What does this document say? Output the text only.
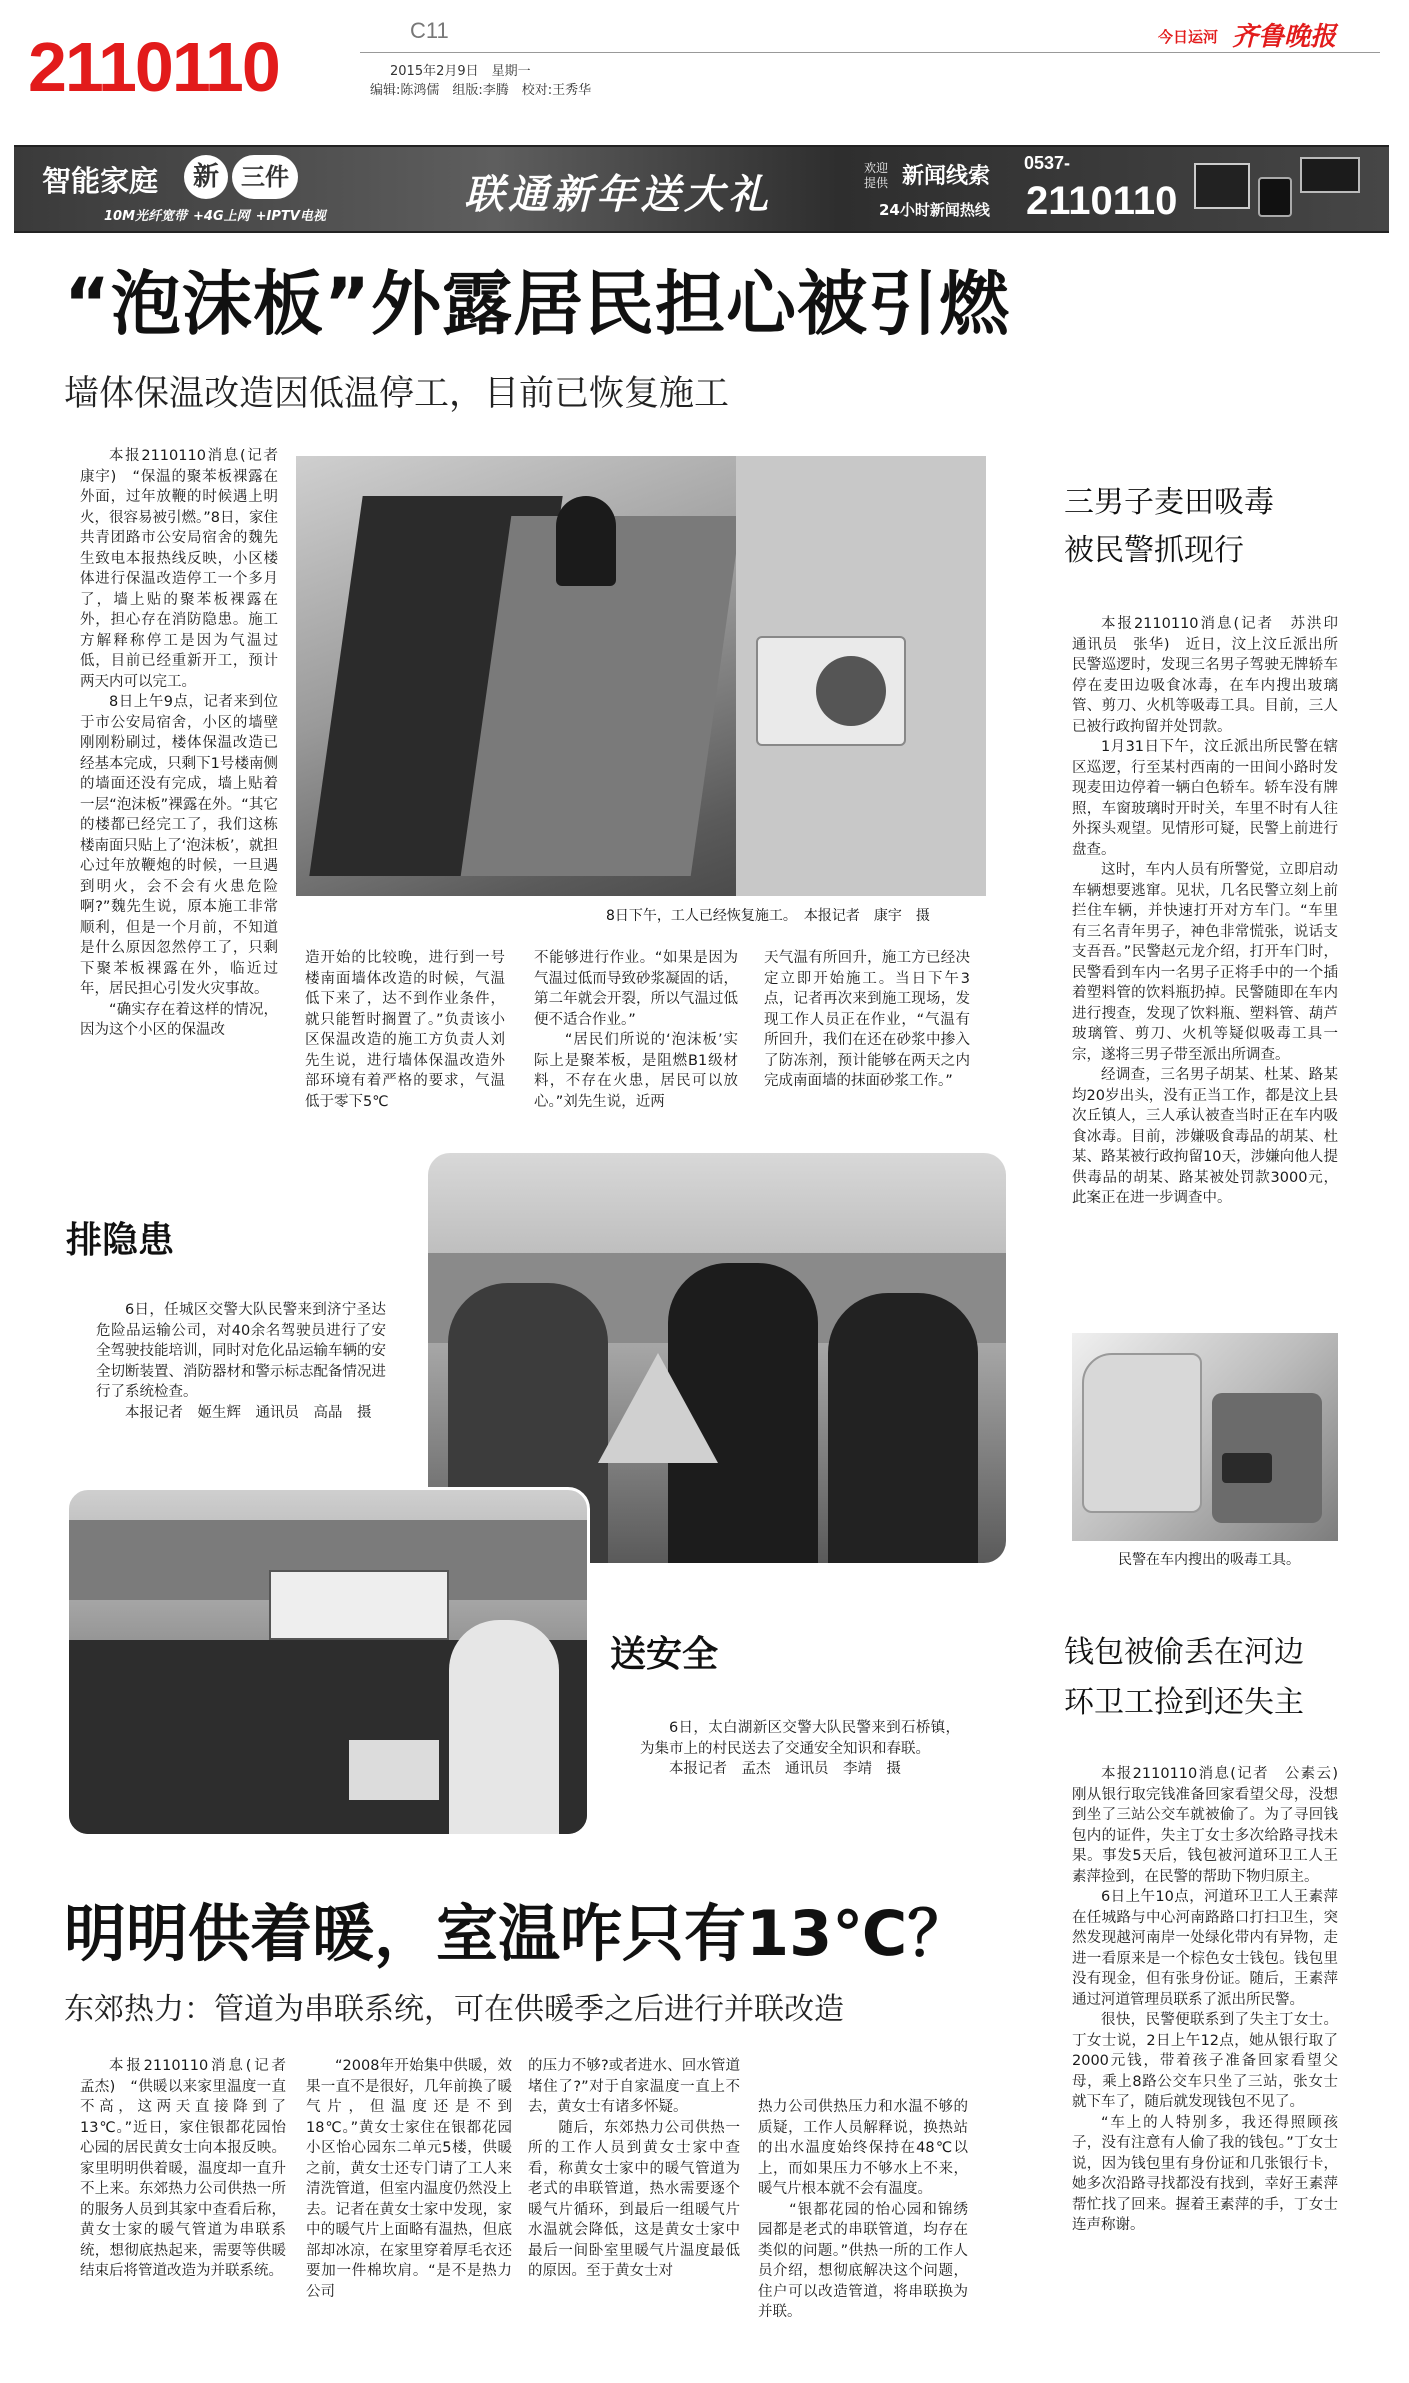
2110110	C11
2015年2月9日　星期一
编辑:陈鸿儒　组版:李腾　校对:王秀华
今日运河 齐鲁晚报
智能家庭	新 三件
10M光纤宽带 +4G上网 +IPTV电视	联通新年送大礼
欢迎提供 新闻线索
0537-
24小时新闻热线 2110110
“泡沫板”外露居民担心被引燃
墙体保温改造因低温停工，目前已恢复施工

本报2110110消息(记者　康宇)　“保温的聚苯板裸露在外面，过年放鞭的时候遇上明火，很容易被引燃。”8日，家住共青团路市公安局宿舍的魏先生致电本报热线反映，小区楼体进行保温改造停工一个多月了，墙上贴的聚苯板裸露在外，担心存在消防隐患。施工方解释称停工是因为气温过低，目前已经重新开工，预计两天内可以完工。

8日上午9点，记者来到位于市公安局宿舍，小区的墙壁刚刚粉刷过，楼体保温改造已经基本完成，只剩下1号楼南侧的墙面还没有完成，墙上贴着一层“泡沫板”裸露在外。“其它的楼都已经完工了，我们这栋楼南面只贴上了‘泡沫板’，就担心过年放鞭炮的时候，一旦遇到明火，会不会有火患危险啊?”魏先生说，原本施工非常顺利，但是一个月前，不知道是什么原因忽然停工了，只剩下聚苯板裸露在外，临近过年，居民担心引发火灾事故。

“确实存在着这样的情况，因为这个小区的保温改

8日下午，工人已经恢复施工。　本报记者　康宇　摄
造开始的比较晚，进行到一号楼南面墙体改造的时候，气温低下来了，达不到作业条件，就只能暂时搁置了。”负责该小区保温改造的施工方负责人刘先生说，进行墙体保温改造外部环境有着严格的要求，气温低于零下5℃
不能够进行作业。“如果是因为气温过低而导致砂浆凝固的话，第二年就会开裂，所以气温过低便不适合作业。”
　　“居民们所说的‘泡沫板’实际上是聚苯板，是阻燃B1级材料，不存在火患，居民可以放心。”刘先生说，近两
天气温有所回升，施工方已经决定立即开始施工。当日下午3点，记者再次来到施工现场，发现工作人员正在作业，“气温有所回升，我们在还在砂浆中掺入了防冻剂，预计能够在两天之内完成南面墙的抹面砂浆工作。”
三男子麦田吸毒
被民警抓现行

本报2110110消息(记者　苏洪印　通讯员　张华)　近日，汶上汶丘派出所民警巡逻时，发现三名男子驾驶无牌轿车停在麦田边吸食冰毒，在车内搜出玻璃管、剪刀、火机等吸毒工具。目前，三人已被行政拘留并处罚款。

1月31日下午，汶丘派出所民警在辖区巡逻，行至某村西南的一田间小路时发现麦田边停着一辆白色轿车。轿车没有牌照，车窗玻璃时开时关，车里不时有人往外探头观望。见情形可疑，民警上前进行盘查。

这时，车内人员有所警觉，立即启动车辆想要逃窜。见状，几名民警立刻上前拦住车辆，并快速打开对方车门。“车里有三名青年男子，神色非常慌张，说话支支吾吾。”民警赵元龙介绍，打开车门时，民警看到车内一名男子正将手中的一个插着塑料管的饮料瓶扔掉。民警随即在车内进行搜查，发现了饮料瓶、塑料管、葫芦玻璃管、剪刀、火机等疑似吸毒工具一宗，遂将三男子带至派出所调查。

经调查，三名男子胡某、杜某、路某均20岁出头，没有正当工作，都是汶上县次丘镇人，三人承认被查当时正在车内吸食冰毒。目前，涉嫌吸食毒品的胡某、杜某、路某被行政拘留10天，涉嫌向他人提供毒品的胡某、路某被处罚款3000元，此案正在进一步调查中。

民警在车内搜出的吸毒工具。
排隐患

6日，任城区交警大队民警来到济宁圣达危险品运输公司，对40余名驾驶员进行了安全驾驶技能培训，同时对危化品运输车辆的安全切断装置、消防器材和警示标志配备情况进行了系统检查。

本报记者　姬生辉　通讯员　高晶　摄

送安全

6日，太白湖新区交警大队民警来到石桥镇，为集市上的村民送去了交通安全知识和春联。

本报记者　孟杰　通讯员　李靖　摄

钱包被偷丢在河边
环卫工捡到还失主

本报2110110消息(记者　公素云)　刚从银行取完钱准备回家看望父母，没想到坐了三站公交车就被偷了。为了寻回钱包内的证件，失主丁女士多次给路寻找未果。事发5天后，钱包被河道环卫工人王素萍捡到，在民警的帮助下物归原主。

6日上午10点，河道环卫工人王素萍在任城路与中心河南路路口打扫卫生，突然发现越河南岸一处绿化带内有异物，走进一看原来是一个棕色女士钱包。钱包里没有现金，但有张身份证。随后，王素萍通过河道管理员联系了派出所民警。

很快，民警便联系到了失主丁女士。丁女士说，2日上午12点，她从银行取了2000元钱，带着孩子准备回家看望父母，乘上8路公交车只坐了三站，张女士就下车了，随后就发现钱包不见了。

“车上的人特别多，我还得照顾孩子，没有注意有人偷了我的钱包。”丁女士说，因为钱包里有身份证和几张银行卡，她多次沿路寻找都没有找到，幸好王素萍帮忙找了回来。握着王素萍的手，丁女士连声称谢。

明明供着暖，室温咋只有13℃？
东郊热力：管道为串联系统，可在供暖季之后进行并联改造

本报2110110消息(记者　孟杰)　“供暖以来家里温度一直不高，这两天直接降到了13℃。”近日，家住银都花园怡心园的居民黄女士向本报反映。家里明明供着暖，温度却一直升不上来。东郊热力公司供热一所的服务人员到其家中查看后称，黄女士家的暖气管道为串联系统，想彻底热起来，需要等供暖结束后将管道改造为并联系统。

“2008年开始集中供暖，效果一直不是很好，几年前换了暖气片，但温度还是不到18℃。”黄女士家住在银都花园小区怡心园东二单元5楼，供暖之前，黄女士还专门请了工人来清洗管道，但室内温度仍然没上去。记者在黄女士家中发现，家中的暖气片上面略有温热，但底部却冰凉，在家里穿着厚毛衣还要加一件棉坎肩。“是不是热力公司

的压力不够?或者进水、回水管道堵住了?”对于自家温度一直上不去，黄女士有诸多怀疑。
　　随后，东郊热力公司供热一所的工作人员到黄女士家中查看，称黄女士家中的暖气管道为老式的串联管道，热水需要逐个暖气片循环，到最后一组暖气片水温就会降低，这是黄女士家中最后一间卧室里暖气片温度最低的原因。至于黄女士对

热力公司供热压力和水温不够的质疑，工作人员解释说，换热站的出水温度始终保持在48℃以上，而如果压力不够水上不来，暖气片根本就不会有温度。
　　“银都花园的怡心园和锦绣园都是老式的串联管道，均存在类似的问题。”供热一所的工作人员介绍，想彻底解决这个问题，住户可以改造管道，将串联换为并联。
